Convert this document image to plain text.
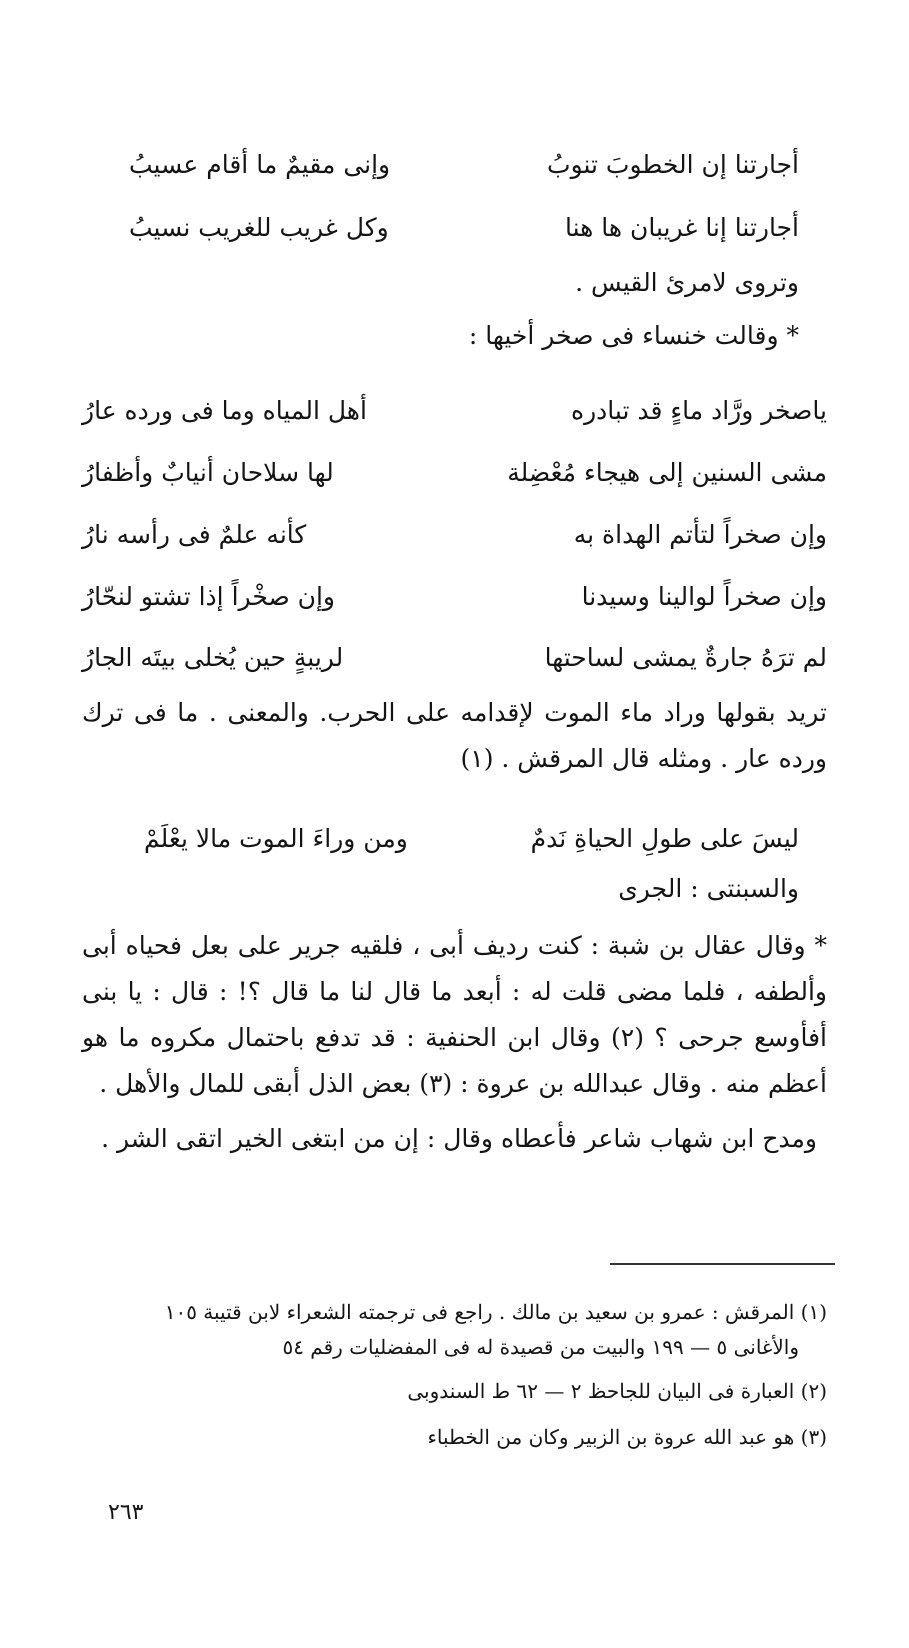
أجارتنا إن الخطوبَ تنوبُ
وإنى مقيمٌ ما أقام عسيبُ
أجارتنا إنا غريبان ها هنا
وكل غريب للغريب نسيبُ
وتروى لامرئ القيس .
* وقالت خنساء فى صخر أخيها :
ياصخر ورَّاد ماءٍ قد تبادره
أهل المياه وما فى ورده عارُ
مشى السنين إلى هيجاء مُعْضِلة
لها سلاحان أنيابٌ وأظفارُ
وإن صخراً لتأتم الهداة به
كأنه علمٌ فى رأسه نارُ
وإن صخراً لوالينا وسيدنا
وإن صخْراً إذا تشتو لنحّارُ
لم ترَهُ جارةٌ يمشى لساحتها
لريبةٍ حين يُخلى بيتَه الجارُ
تريد بقولها وراد ماء الموت لإقدامه على الحرب. والمعنى . ما فى ترك ورده عار . ومثله قال المرقش . (١)
ليسَ على طولِ الحياةِ نَدمٌ
ومن وراءَ الموت مالا يعْلَمْ
والسبنتى : الجرى
* وقال عقال بن شبة : كنت رديف أبى ، فلقيه جرير على بعل فحياه أبى وألطفه ، فلما مضى قلت له : أبعد ما قال لنا ما قال ؟! : قال : يا بنى أفأوسع جرحى ؟ (٢) وقال ابن الحنفية : قد تدفع باحتمال مكروه ما هو أعظم منه . وقال عبدالله بن عروة : (٣) بعض الذل أبقى للمال والأهل .
ومدح ابن شهاب شاعر فأعطاه وقال : إن من ابتغى الخير اتقى الشر .
(١) المرقش : عمرو بن سعيد بن مالك . راجع فى ترجمته الشعراء لابن قتيبة ١٠٥
والأغانى ٥ — ١٩٩ والبيت من قصيدة له فى المفضليات رقم ٥٤
(٢) العبارة فى البيان للجاحظ ٢ — ٦٢ ط السندوبى
(٣) هو عبد الله عروة بن الزبير وكان من الخطباء
٢٦٣
